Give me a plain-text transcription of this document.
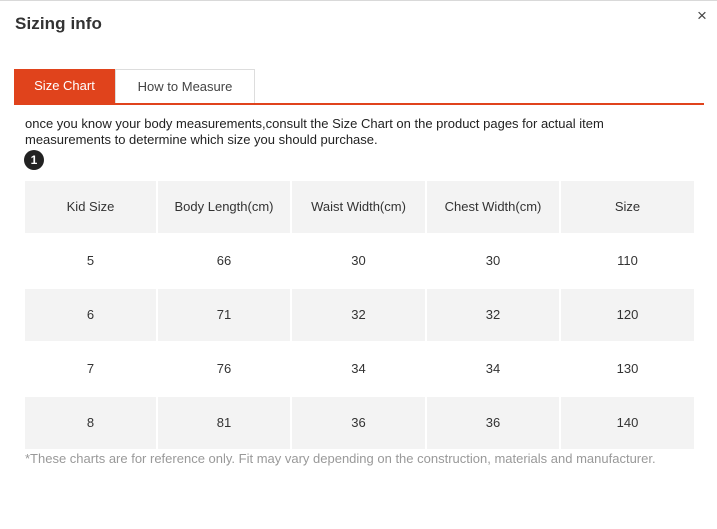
Sizing info	×
Size Chart	How to Measure
once you know your body measurements,consult the Size Chart on the product pages for actual item measurements to determine which size you should purchase.
1
Kid Size	Body Length(cm)	Waist Width(cm)	Chest Width(cm)	Size
5	66	30	30	110
6	71	32	32	120
7	76	34	34	130
8	81	36	36	140
*These charts are for reference only. Fit may vary depending on the construction, materials and manufacturer.
